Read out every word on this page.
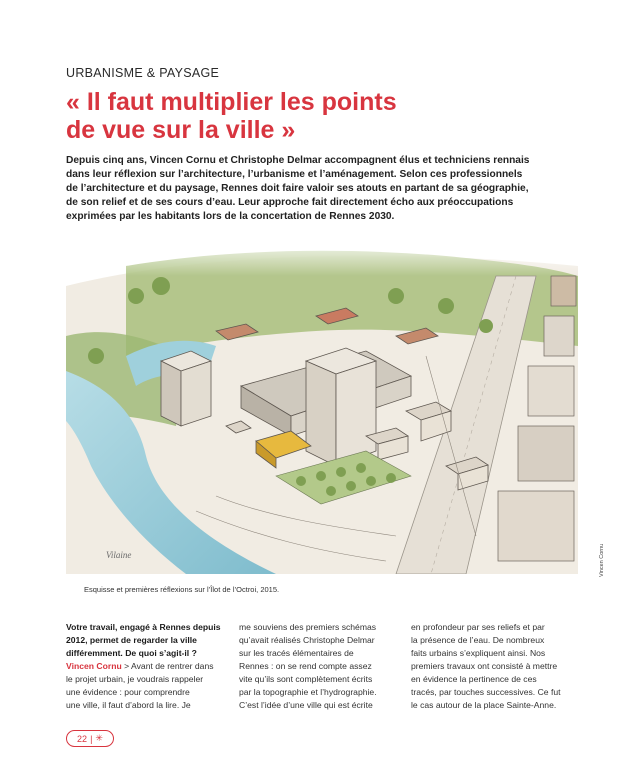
URBANISME & PAYSAGE
« Il faut multiplier les points
de vue sur la ville »
Depuis cinq ans, Vincen Cornu et Christophe Delmar accompagnent élus et techniciens rennais
dans leur réflexion sur l’architecture, l’urbanisme et l’aménagement. Selon ces professionnels
de l’architecture et du paysage, Rennes doit faire valoir ses atouts en partant de sa géographie,
de son relief et de ses cours d’eau. Leur approche fait directement écho aux préoccupations
exprimées par les habitants lors de la concertation de Rennes 2030.
Vilaine	Vincen Cornu
Esquisse et premières réflexions sur l’Îlot de l’Octroi, 2015.
Votre travail, engagé à Rennes depuis
2012, permet de regarder la ville
différemment. De quoi s’agit-il ?
Vincen Cornu > Avant de rentrer dans
le projet urbain, je voudrais rappeler
une évidence : pour comprendre
une ville, il faut d’abord la lire. Je
me souviens des premiers schémas
qu’avait réalisés Christophe Delmar
sur les tracés élémentaires de
Rennes : on se rend compte assez
vite qu’ils sont complètement écrits
par la topographie et l’hydrographie.
C’est l’idée d’une ville qui est écrite
en profondeur par ses reliefs et par
la présence de l’eau. De nombreux
faits urbains s’expliquent ainsi. Nos
premiers travaux ont consisté à mettre
en évidence la pertinence de ces
tracés, par touches successives. Ce fut
le cas autour de la place Sainte-Anne.
22 | ✳
